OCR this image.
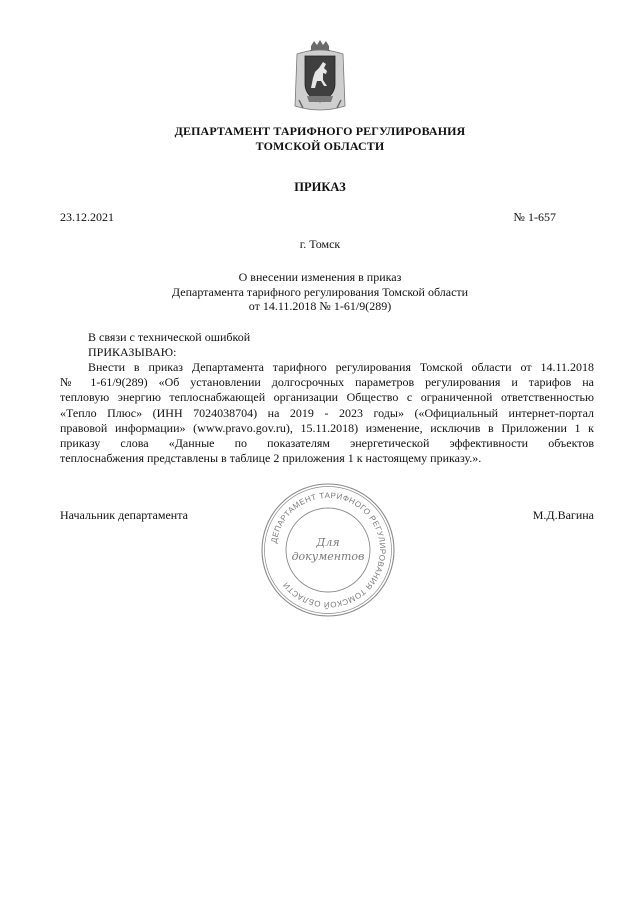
ДЕПАРТАМЕНТ ТАРИФНОГО РЕГУЛИРОВАНИЯ
ТОМСКОЙ ОБЛАСТИ
ПРИКАЗ
23.12.2021	№ 1-657
г. Томск
О внесении изменения в приказ
Департамента тарифного регулирования Томской области
от 14.11.2018 № 1-61/9(289)
В связи с технической ошибкой
ПРИКАЗЫВАЮ:
Внести в приказ Департамента тарифного регулирования Томской области от 14.11.2018
№ 1-61/9(289) «Об установлении долгосрочных параметров регулирования и тарифов на
тепловую энергию теплоснабжающей организации Общество с ограниченной ответственностью
«Тепло Плюс» (ИНН 7024038704) на 2019 - 2023 годы» («Официальный интернет-портал
правовой информации» (www.pravo.gov.ru), 15.11.2018) изменение, исключив в Приложении 1 к
приказу слова «Данные по показателям энергетической эффективности объектов
теплоснабжения представлены в таблице 2 приложения 1 к настоящему приказу.».
Начальник департамента	М.Д.Вагина
ДЕПАРТАМЕНТ ТАРИФНОГО РЕГУЛИРОВАНИЯ ТОМСКОЙ ОБЛАСТИ
Для
документов
